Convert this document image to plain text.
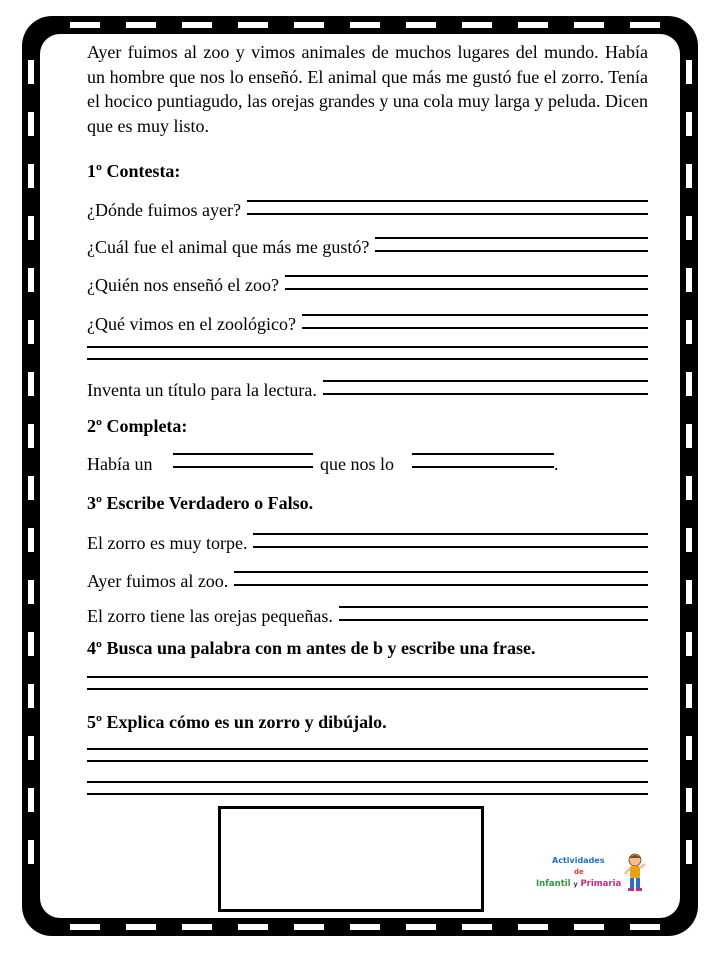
Ayer fuimos al zoo y vimos animales de muchos lugares del mundo. Había un hombre que nos lo enseñó. El animal que más me gustó fue el zorro. Tenía el hocico puntiagudo, las orejas grandes y una cola muy larga y peluda. Dicen que es muy listo.
1º Contesta:
¿Dónde fuimos ayer?
¿Cuál fue el animal que más me gustó?
¿Quién nos enseñó el zoo?
¿Qué vimos en el zoológico?
Inventa un título para la lectura.
2º Completa:
Había un	que nos lo	.
3º Escribe Verdadero o Falso.
El zorro es muy torpe.
Ayer fuimos al zoo.
El zorro tiene las orejas pequeñas.
4º Busca una palabra con m antes de b y escribe una frase.
5º Explica cómo es un zorro y dibújalo.
Actividades
de
Infantil y Primaria
